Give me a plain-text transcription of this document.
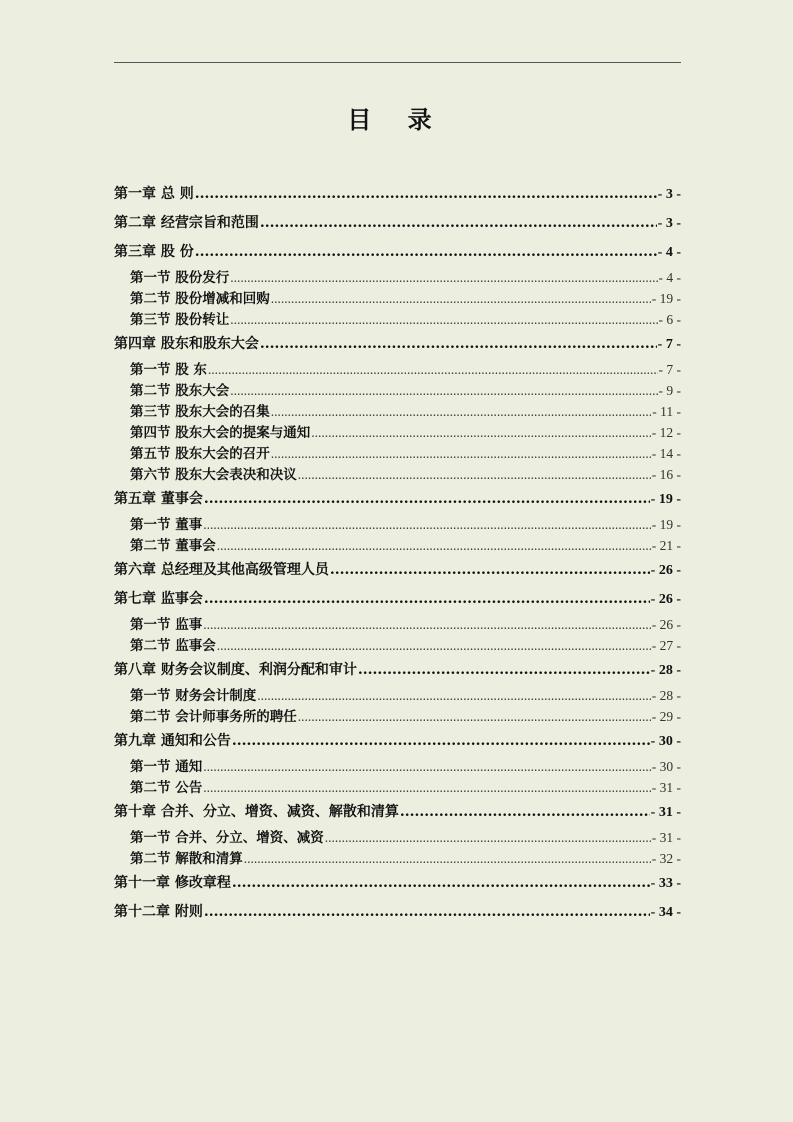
目 录
第一章 总 则 .....	- 3 -
第二章 经营宗旨和范围 .....	- 3 -
第三章 股 份 .....	- 4 -
第一节 股份发行 .....	- 4 -
第二节 股份增减和回购 .....	- 19 -
第三节 股份转让 .....	- 6 -
第四章 股东和股东大会 .....	- 7 -
第一节 股 东 .....	- 7 -
第二节 股东大会 .....	- 9 -
第三节 股东大会的召集 .....	- 11 -
第四节 股东大会的提案与通知 .....	- 12 -
第五节 股东大会的召开 .....	- 14 -
第六节 股东大会表决和决议 .....	- 16 -
第五章 董事会 .....	- 19 -
第一节 董事 .....	- 19 -
第二节 董事会 .....	- 21 -
第六章 总经理及其他高级管理人员 .....	- 26 -
第七章 监事会 .....	- 26 -
第一节 监事 .....	- 26 -
第二节 监事会 .....	- 27 -
第八章 财务会议制度、利润分配和审计 .....	- 28 -
第一节 财务会计制度 .....	- 28 -
第二节 会计师事务所的聘任 .....	- 29 -
第九章 通知和公告 .....	- 30 -
第一节 通知 .....	- 30 -
第二节 公告 .....	- 31 -
第十章 合并、分立、增资、减资、解散和清算 .....	- 31 -
第一节 合并、分立、增资、减资 .....	- 31 -
第二节 解散和清算 .....	- 32 -
第十一章 修改章程 .....	- 33 -
第十二章 附则 .....	- 34 -
